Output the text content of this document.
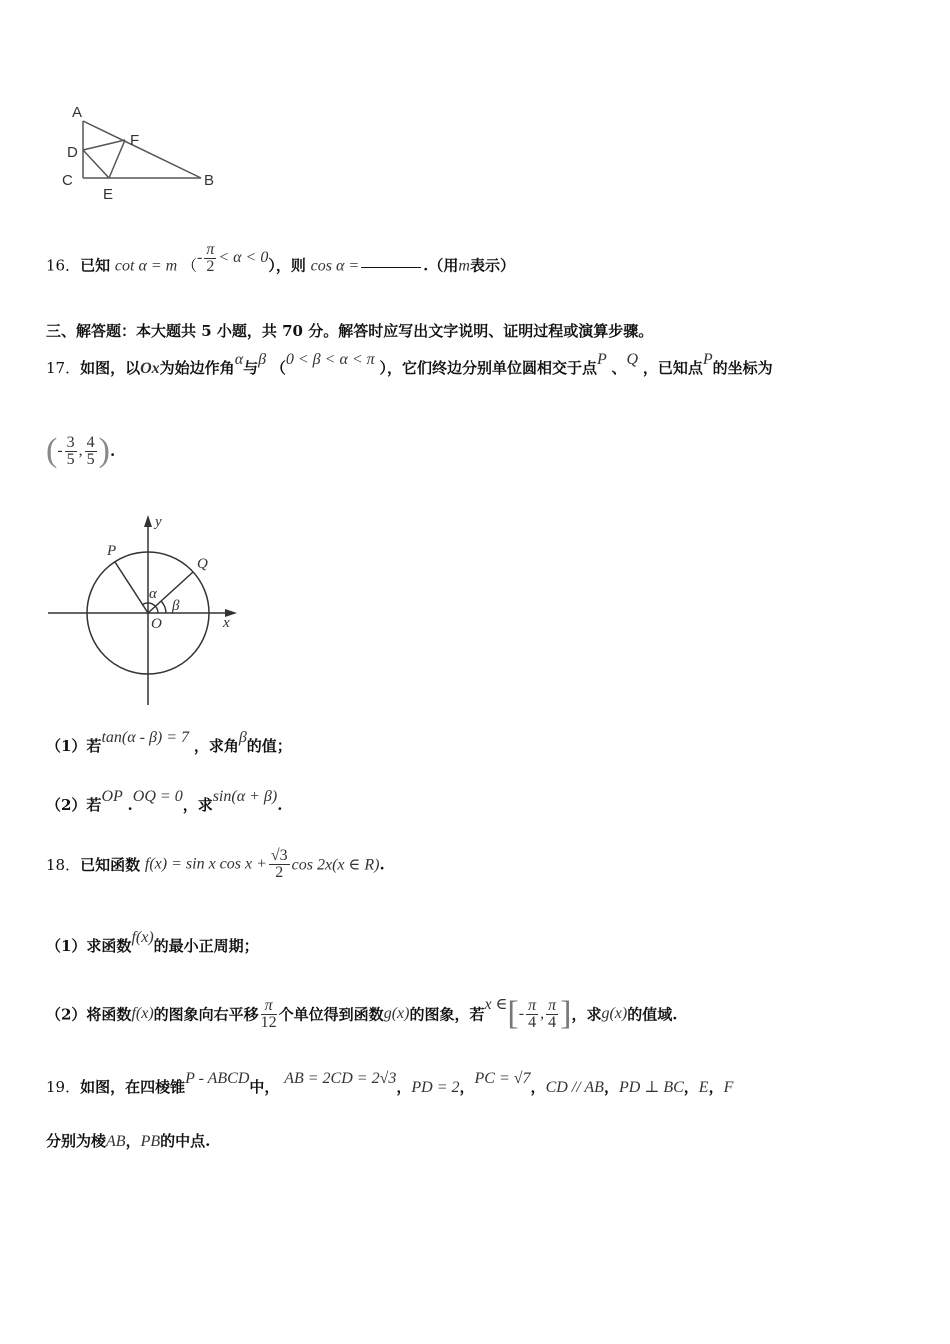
A
D
F
C
E
B
16．已知 cot α = m （- $\frac{\pi}{2} < \alpha < 0$），则 cos α =	.（用m表示）
三、解答题：本大题共 5 小题，共 70 分。解答时应写出文字说明、证明过程或演算步骤。
17．如图，以Ox为始边作角α与β （0 < β < α < π ），它们终边分别单位圆相交于点P 、Q ，已知点P的坐标为
(- $\frac{3}{5}$ , $\frac{4}{5}$ ).
y
P
Q
α
β
O	x
（1）若tan(α - β) = 7 ，求角β的值；
（2）若OP .OQ = 0，求sin(α + β).
18．已知函数 f(x) = sin x $\cos x + \frac{√3}{2}$ cos 2x(x ∈ R).
（1）求函数f(x)的最小正周期；
（2）将函数f(x)的图象向右平移 $\frac{\pi}{12}$ 个单位得到函数g(x)的图象，若x ∈[- $\frac{\pi}{4}$ , $\frac{\pi}{4}$ ]，求g(x)的值域.
19．如图，在四棱锥P - ABCD中， AB = 2CD = 2√3，PD = 2，PC = √7，CD // AB，PD ⊥ BC，E，F
分别为棱AB，PB的中点.
